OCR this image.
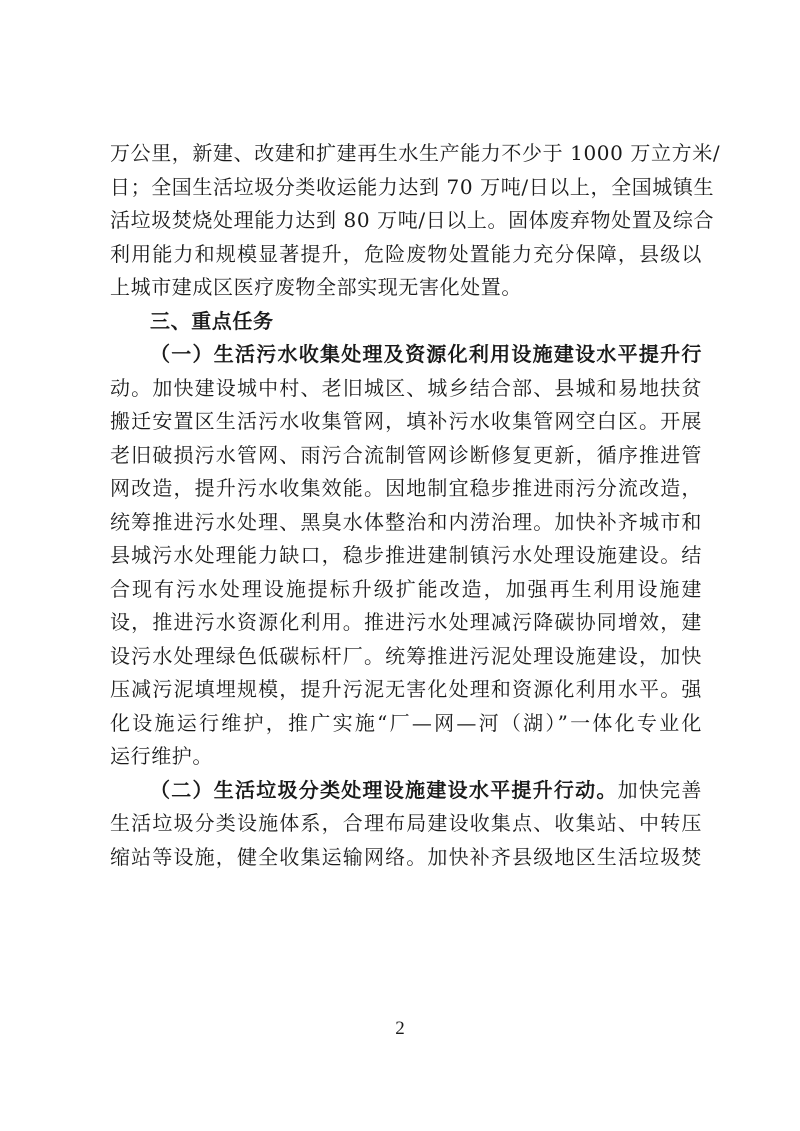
万公里，新建、改建和扩建再生水生产能力不少于 1000 万立方米/
日；全国生活垃圾分类收运能力达到 70 万吨/日以上，全国城镇生
活垃圾焚烧处理能力达到 80 万吨/日以上。固体废弃物处置及综合
利用能力和规模显著提升，危险废物处置能力充分保障，县级以
上城市建成区医疗废物全部实现无害化处置。
三、重点任务
（一）生活污水收集处理及资源化利用设施建设水平提升行
动。加快建设城中村、老旧城区、城乡结合部、县城和易地扶贫
搬迁安置区生活污水收集管网，填补污水收集管网空白区。开展
老旧破损污水管网、雨污合流制管网诊断修复更新，循序推进管
网改造，提升污水收集效能。因地制宜稳步推进雨污分流改造，
统筹推进污水处理、黑臭水体整治和内涝治理。加快补齐城市和
县城污水处理能力缺口，稳步推进建制镇污水处理设施建设。结
合现有污水处理设施提标升级扩能改造，加强再生利用设施建
设，推进污水资源化利用。推进污水处理减污降碳协同增效，建
设污水处理绿色低碳标杆厂。统筹推进污泥处理设施建设，加快
压减污泥填埋规模，提升污泥无害化处理和资源化利用水平。强
化设施运行维护，推广实施“厂—网—河（湖）”一体化专业化
运行维护。
（二）生活垃圾分类处理设施建设水平提升行动。加快完善
生活垃圾分类设施体系，合理布局建设收集点、收集站、中转压
缩站等设施，健全收集运输网络。加快补齐县级地区生活垃圾焚
2
